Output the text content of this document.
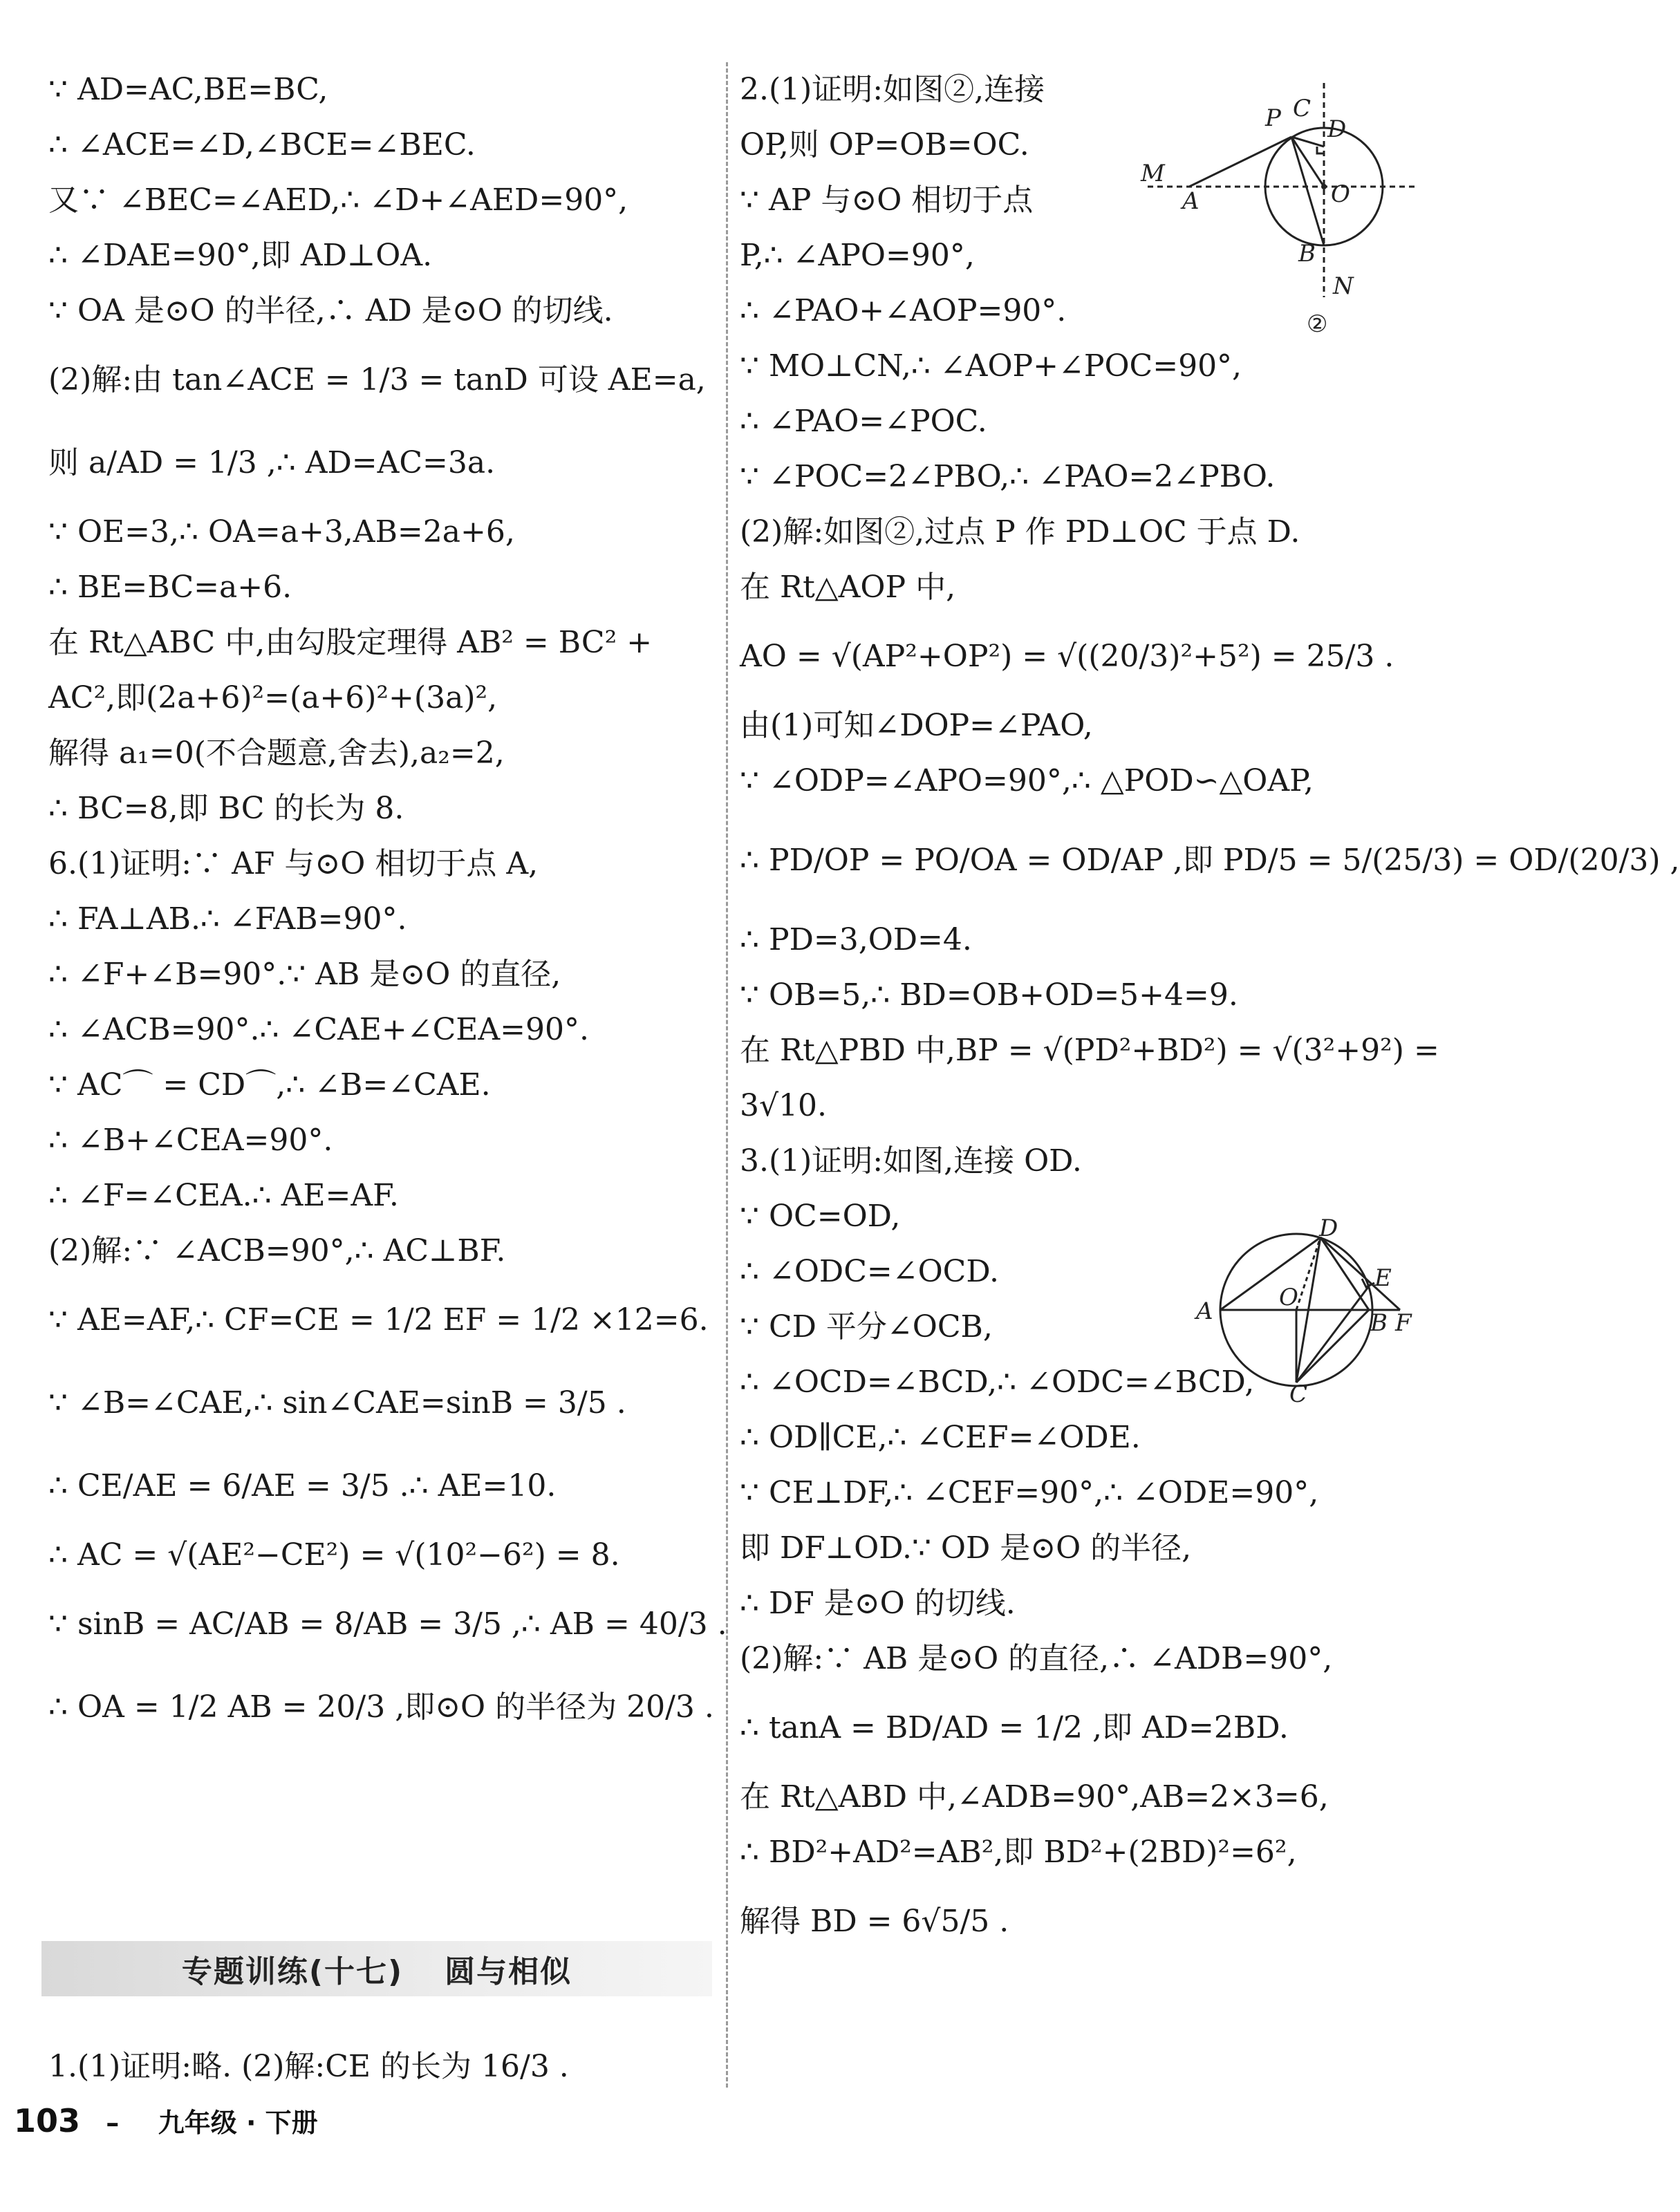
∵ AD=AC,BE=BC,
∴ ∠ACE=∠D,∠BCE=∠BEC.
又∵ ∠BEC=∠AED,∴ ∠D+∠AED=90°,
∴ ∠DAE=90°,即 AD⊥OA.
∵ OA 是⊙O 的半径,∴ AD 是⊙O 的切线.
(2)解:由 tan∠ACE = 1/3 = tanD 可设 AE=a,
则 a/AD = 1/3 ,∴ AD=AC=3a.
∵ OE=3,∴ OA=a+3,AB=2a+6,
∴ BE=BC=a+6.
在 Rt△ABC 中,由勾股定理得 AB² = BC² +
AC²,即(2a+6)²=(a+6)²+(3a)²,
解得 a₁=0(不合题意,舍去),a₂=2,
∴ BC=8,即 BC 的长为 8.
6.(1)证明:∵ AF 与⊙O 相切于点 A,
∴ FA⊥AB.∴ ∠FAB=90°.
∴ ∠F+∠B=90°.∵ AB 是⊙O 的直径,
∴ ∠ACB=90°.∴ ∠CAE+∠CEA=90°.
∵ AC⌒ = CD⌒,∴ ∠B=∠CAE.
∴ ∠B+∠CEA=90°.
∴ ∠F=∠CEA.∴ AE=AF.
(2)解:∵ ∠ACB=90°,∴ AC⊥BF.
∵ AE=AF,∴ CF=CE = 1/2 EF = 1/2 ×12=6.
∵ ∠B=∠CAE,∴ sin∠CAE=sinB = 3/5 .
∴ CE/AE = 6/AE = 3/5 .∴ AE=10.
∴ AC = √(AE²−CE²) = √(10²−6²) = 8.
∵ sinB = AC/AB = 8/AB = 3/5 ,∴ AB = 40/3 .
∴ OA = 1/2 AB = 20/3 ,即⊙O 的半径为 20/3 .
2.(1)证明:如图②,连接
OP,则 OP=OB=OC.
∵ AP 与⊙O 相切于点
P,∴ ∠APO=90°,
∴ ∠PAO+∠AOP=90°.
∵ MO⊥CN,∴ ∠AOP+∠POC=90°,
∴ ∠PAO=∠POC.
∵ ∠POC=2∠PBO,∴ ∠PAO=2∠PBO.
(2)解:如图②,过点 P 作 PD⊥OC 于点 D.
在 Rt△AOP 中,
AO = √(AP²+OP²) = √((20/3)²+5²) = 25/3 .
由(1)可知∠DOP=∠PAO,
∵ ∠ODP=∠APO=90°,∴ △POD∽△OAP,
∴ PD/OP = PO/OA = OD/AP ,即 PD/5 = 5/(25/3) = OD/(20/3) ,
∴ PD=3,OD=4.
∵ OB=5,∴ BD=OB+OD=5+4=9.
在 Rt△PBD 中,BP = √(PD²+BD²) = √(3²+9²) =
3√10.
3.(1)证明:如图,连接 OD.
∵ OC=OD,
∴ ∠ODC=∠OCD.
∵ CD 平分∠OCB,
∴ ∠OCD=∠BCD,∴ ∠ODC=∠BCD,
∴ OD∥CE,∴ ∠CEF=∠ODE.
∵ CE⊥DF,∴ ∠CEF=90°,∴ ∠ODE=90°,
即 DF⊥OD.∵ OD 是⊙O 的半径,
∴ DF 是⊙O 的切线.
(2)解:∵ AB 是⊙O 的直径,∴ ∠ADB=90°,
∴ tanA = BD/AD = 1/2 ,即 AD=2BD.
在 Rt△ABD 中,∠ADB=90°,AB=2×3=6,
∴ BD²+AD²=AB²,即 BD²+(2BD)²=6²,
解得 BD = 6√5/5 .
专题训练(十七) 圆与相似
1.(1)证明:略. (2)解:CE 的长为 16/3 .
P C
D
M
A	O
B
N
②
A	O
D
E
B F
C
103 – 九年级 · 下册
